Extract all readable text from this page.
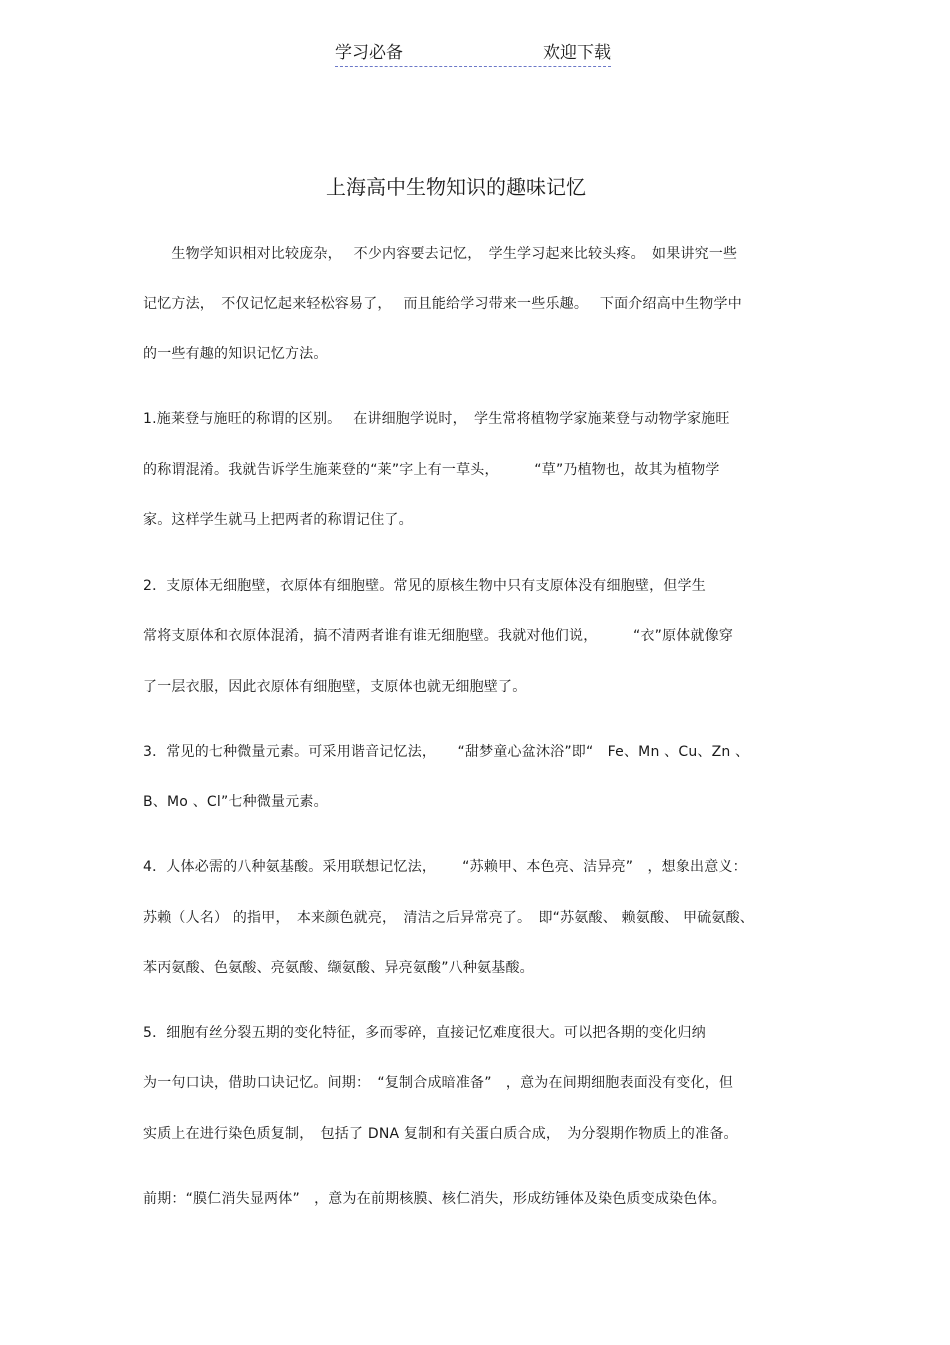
学习必备	欢迎下载
上海高中生物知识的趣味记忆
　　生物学知识相对比较庞杂，　 不少内容要去记忆，　学生学习起来比较头疼。　如果讲究一些
记忆方法，　不仅记忆起来轻松容易了，　 而且能给学习带来一些乐趣。　 下面介绍高中生物学中
的一些有趣的知识记忆方法。
1.施莱登与施旺的称谓的区别。　 在讲细胞学说时，　学生常将植物学家施莱登与动物学家施旺
的称谓混淆。我就告诉学生施莱登的“莱”字上有一草头，　　　“草”乃植物也，故其为植物学
家。这样学生就马上把两者的称谓记住了。
2．支原体无细胞壁，衣原体有细胞壁。常见的原核生物中只有支原体没有细胞壁，但学生
常将支原体和衣原体混淆，搞不清两者谁有谁无细胞壁。我就对他们说，　　　“衣”原体就像穿
了一层衣服，因此衣原体有细胞壁，支原体也就无细胞壁了。
3．常见的七种微量元素。可采用谐音记忆法，　　“甜梦童心盆沐浴”即“　Fe、Mn 、Cu、Zn 、
B、Mo 、Cl”七种微量元素。
4．人体必需的八种氨基酸。采用联想记忆法，　　 “苏赖甲、本色亮、洁异亮”　，想象出意义：
苏赖（人名） 的指甲，　本来颜色就亮，　清洁之后异常亮了。　即“苏氨酸、 赖氨酸、 甲硫氨酸、
苯丙氨酸、色氨酸、亮氨酸、缬氨酸、异亮氨酸”八种氨基酸。
5．细胞有丝分裂五期的变化特征，多而零碎，直接记忆难度很大。可以把各期的变化归纳
为一句口诀，借助口诀记忆。间期：　“复制合成暗准备”　，意为在间期细胞表面没有变化，但
实质上在进行染色质复制，　包括了 DNA 复制和有关蛋白质合成，　为分裂期作物质上的准备。
前期：“膜仁消失显两体”　，意为在前期核膜、核仁消失，形成纺锤体及染色质变成染色体。
